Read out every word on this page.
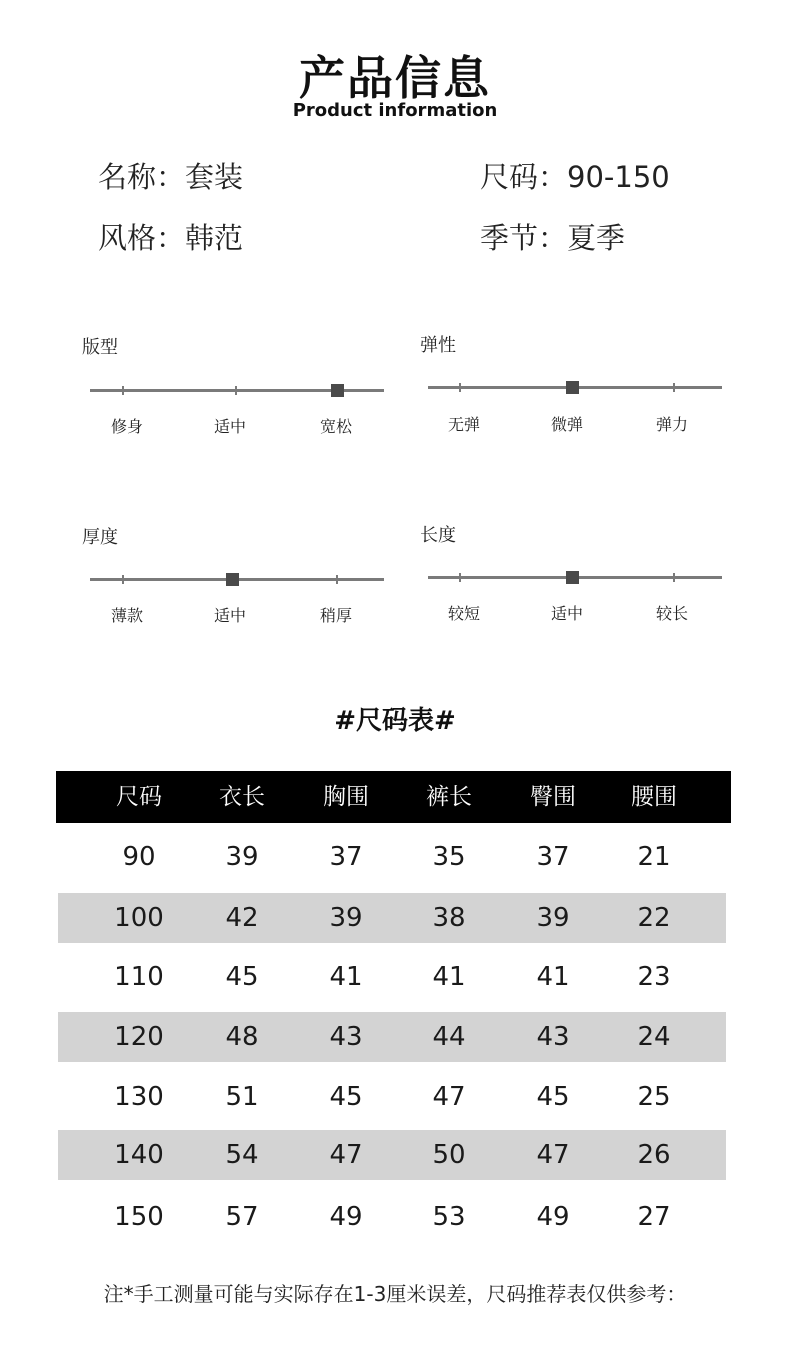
产品信息
Product information
名称：套装	尺码：90-150
风格：韩范	季节：夏季
版型
修身	适中	宽松
弹性
无弹	微弹	弹力
厚度
薄款	适中	稍厚
长度
较短	适中	较长
#尺码表#
尺码	衣长	胸围	裤长	臀围	腰围
90	39	37	35	37	21
100	42	39	38	39	22
110	45	41	41	41	23
120	48	43	44	43	24
130	51	45	47	45	25
140	54	47	50	47	26
150	57	49	53	49	27
注*手工测量可能与实际存在1-3厘米误差，尺码推荐表仅供参考：
